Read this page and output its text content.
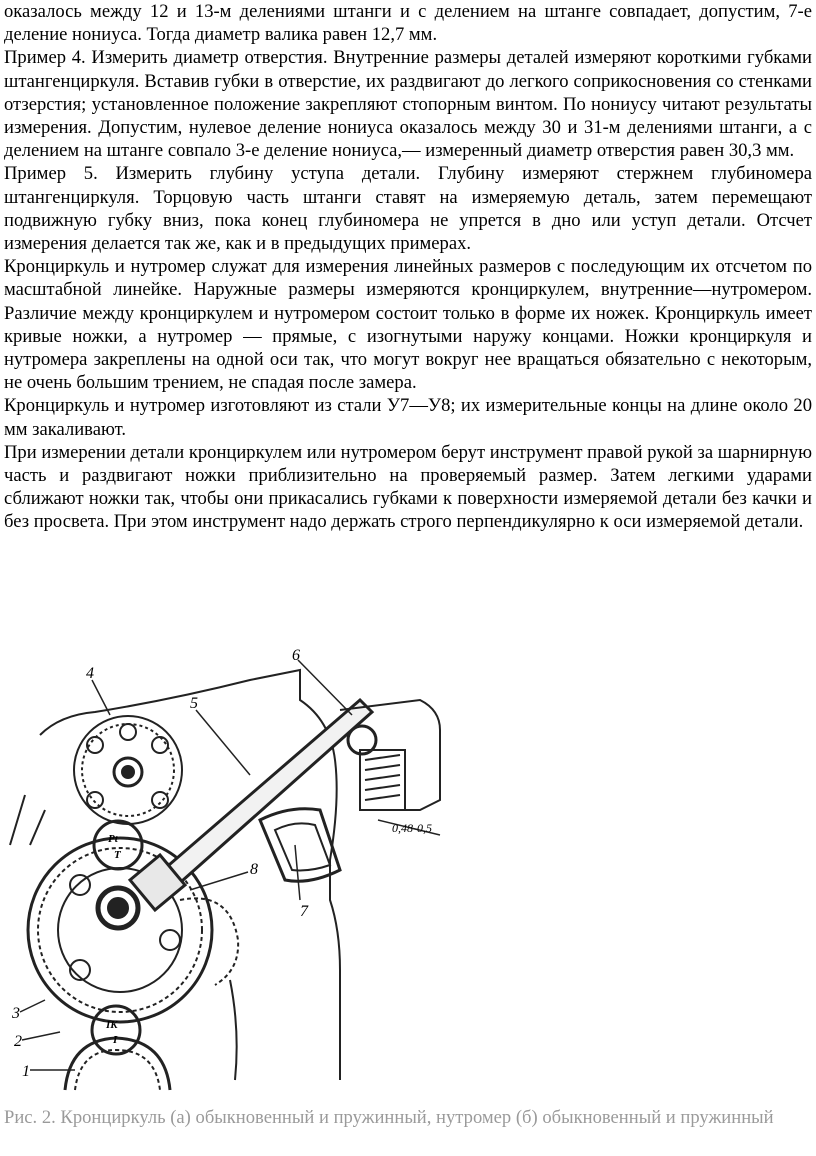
оказалось между 12 и 13-м делениями штанги и с делением на штанге совпадает, допустим, 7-е деление нониуса. Тогда диаметр валика равен 12,7 мм.

Пример 4. Измерить диаметр отверстия. Внутренние размеры деталей измеряют короткими губками штангенциркуля. Вставив губки в отверстие, их раздвигают до легкого соприкосновения со стенками отзерстия; установленное положение закрепляют стопорным винтом. По нониусу читают результаты измерения. Допустим, нулевое деление нониуса оказалось между 30 и 31-м делениями штанги, а с делением на штанге совпало 3-е деление нониуса,— измеренный диаметр отверстия равен 30,3 мм.

Пример 5. Измерить глубину уступа детали. Глубину измеряют стержнем глубиномера штангенциркуля. Торцовую часть штанги ставят на измеряемую деталь, затем перемещают подвижную губку вниз, пока конец глубиномера не упрется в дно или уступ детали. Отсчет измерения делается так же, как и в предыдущих примерах.

Кронциркуль и нутромер служат для измерения линейных размеров с последующим их отсчетом по масштабной линейке. Наружные размеры измеряются кронциркулем, внутренние—нутромером. Различие между кронциркулем и нутромером состоит только в форме их ножек. Кронциркуль имеет кривые ножки, а нутромер — прямые, с изогнутыми наружу концами. Ножки кронциркуля и нутромера закреплены на одной оси так, что могут вокруг нее вращаться обязательно с некоторым, не очень большим трением, не спадая после замера.

Кронциркуль и нутромер изготовляют из стали У7—У8; их измерительные концы на длине около 20 мм закаливают.

При измерении детали кронциркулем или нутромером берут инструмент правой рукой за шарнирную часть и раздвигают ножки приблизительно на проверяемый размер. Затем легкими ударами сближают ножки так, чтобы они прикасались губками к поверхности измеряемой детали без качки и без просвета. При этом инструмент надо держать строго перпендикулярно к оси измеряемой детали.

4
5
6
8
7
3
2
1
Pt
T
IK
I
0,48-0,5
Рис. 2. Кронциркуль (а) обыкновенный и пружинный, нутромер (б) обыкновенный и пружинный
